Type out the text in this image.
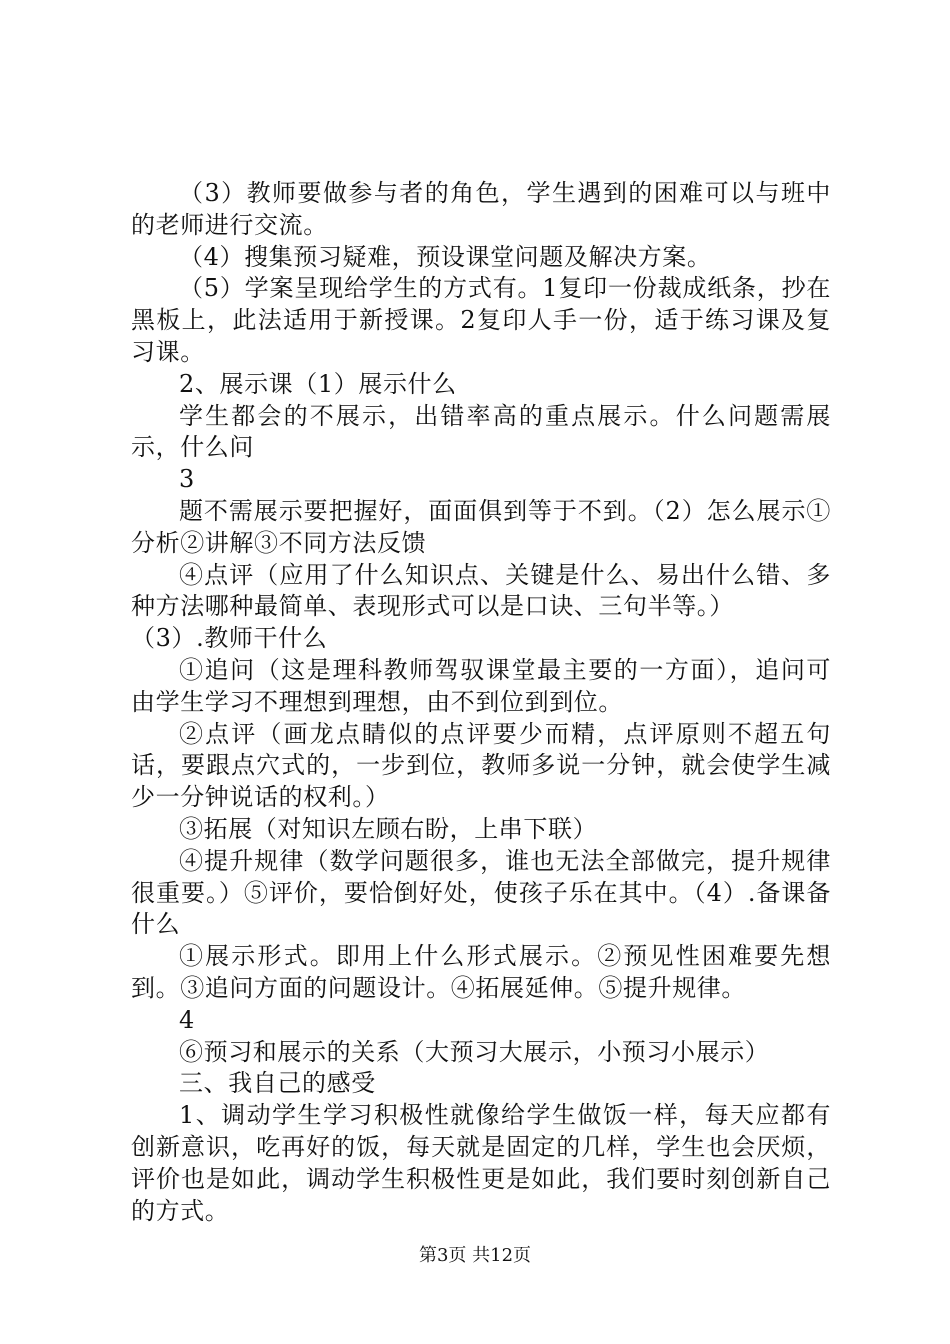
（3）教师要做参与者的角色，学生遇到的困难可以与班中的老师进行交流。

（4）搜集预习疑难，预设课堂问题及解决方案。

（5）学案呈现给学生的方式有。1复印一份裁成纸条，抄在黑板上，此法适用于新授课。2复印人手一份，适于练习课及复习课。

2、展示课（1）展示什么

学生都会的不展示，出错率高的重点展示。什么问题需展示，什么问

3

题不需展示要把握好，面面俱到等于不到。（2）怎么展示①分析②讲解③不同方法反馈

④点评（应用了什么知识点、关键是什么、易出什么错、多种方法哪种最简单、表现形式可以是口诀、三句半等。）

（3）.教师干什么

①追问（这是理科教师驾驭课堂最主要的一方面），追问可由学生学习不理想到理想，由不到位到到位。

②点评（画龙点睛似的点评要少而精，点评原则不超五句话，要跟点穴式的，一步到位，教师多说一分钟，就会使学生减少一分钟说话的权利。）

③拓展（对知识左顾右盼，上串下联）

④提升规律（数学问题很多，谁也无法全部做完，提升规律很重要。）⑤评价，要恰倒好处，使孩子乐在其中。（4）.备课备什么

①展示形式。即用上什么形式展示。②预见性困难要先想到。③追问方面的问题设计。④拓展延伸。⑤提升规律。

4

⑥预习和展示的关系（大预习大展示，小预习小展示）

三、我自己的感受

1、调动学生学习积极性就像给学生做饭一样，每天应都有创新意识，吃再好的饭，每天就是固定的几样，学生也会厌烦，评价也是如此，调动学生积极性更是如此，我们要时刻创新自己的方式。

第3页 共12页
